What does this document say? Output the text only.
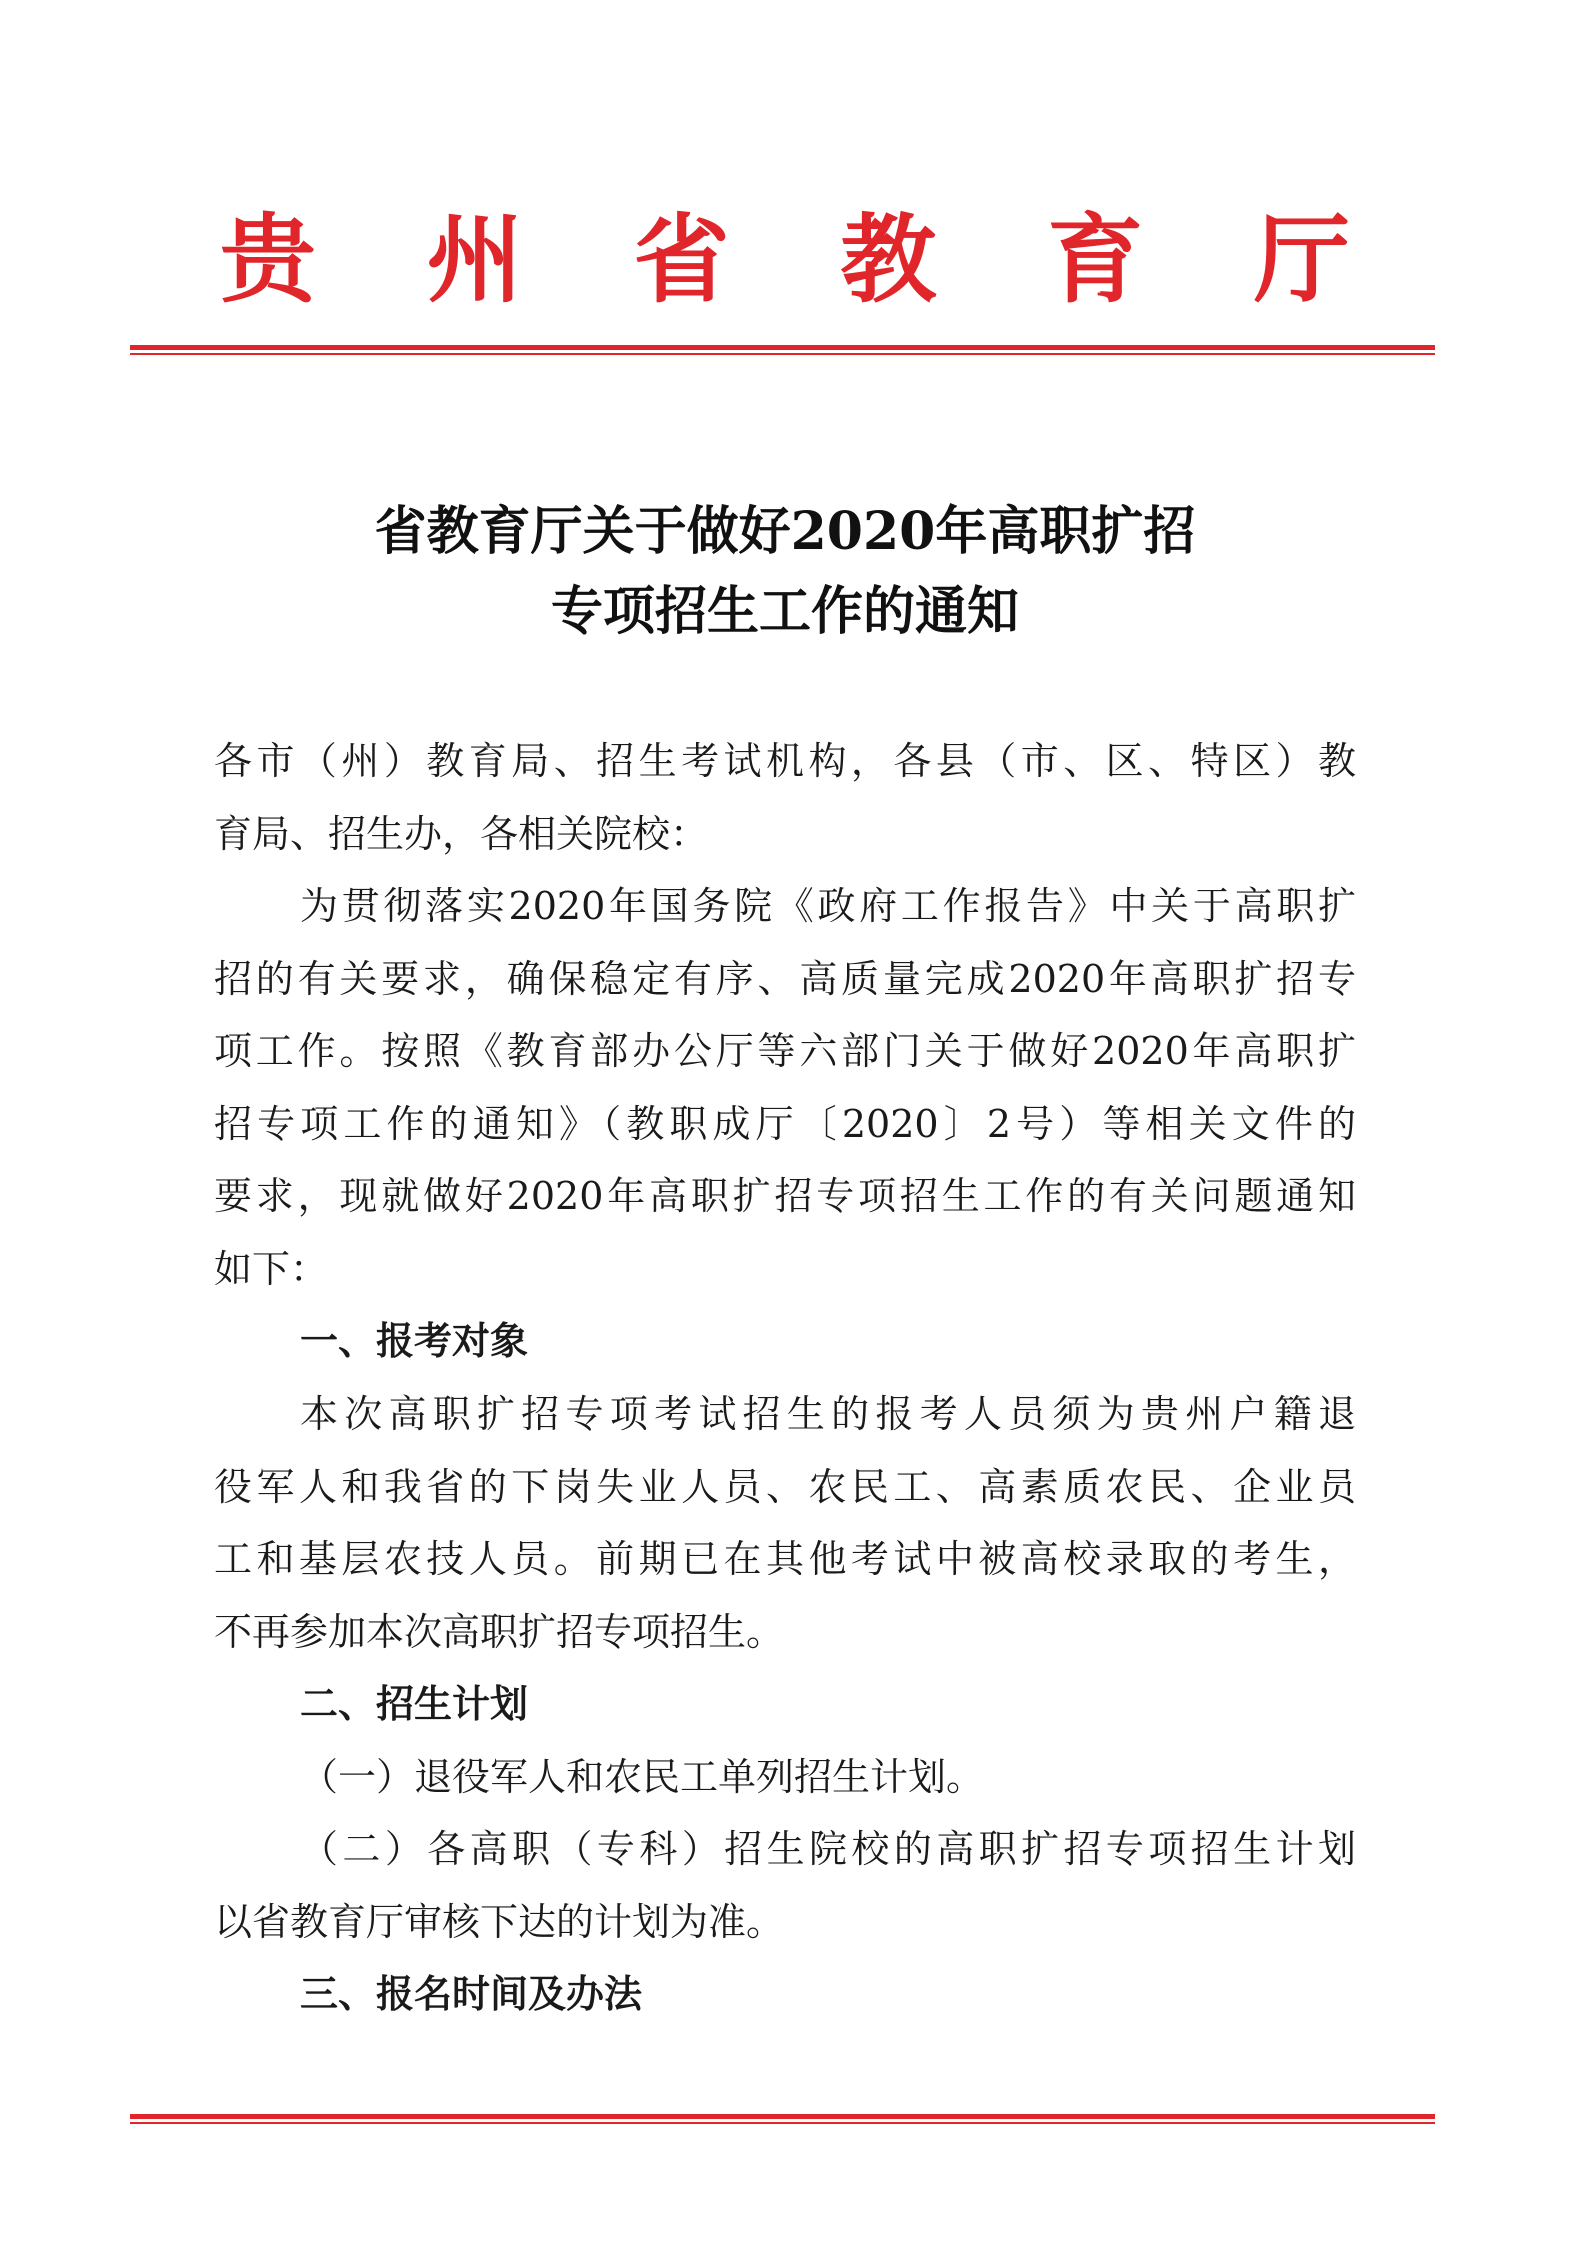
贵 州 省 教 育 厅
省教育厅关于做好2020年高职扩招
专项招生工作的通知
各市（州）教育局、招生考试机构，各县（市、区、特区）教
育局、招生办，各相关院校：
为贯彻落实2020年国务院《政府工作报告》中关于高职扩
招的有关要求，确保稳定有序、高质量完成2020年高职扩招专
项工作。按照《教育部办公厅等六部门关于做好2020年高职扩
招专项工作的通知》（教职成厅〔2020〕2号）等相关文件的
要求，现就做好2020年高职扩招专项招生工作的有关问题通知
如下：
一、报考对象
本次高职扩招专项考试招生的报考人员须为贵州户籍退
役军人和我省的下岗失业人员、农民工、高素质农民、企业员
工和基层农技人员。前期已在其他考试中被高校录取的考生，
不再参加本次高职扩招专项招生。
二、招生计划
（一）退役军人和农民工单列招生计划。
（二）各高职（专科）招生院校的高职扩招专项招生计划
以省教育厅审核下达的计划为准。
三、报名时间及办法
